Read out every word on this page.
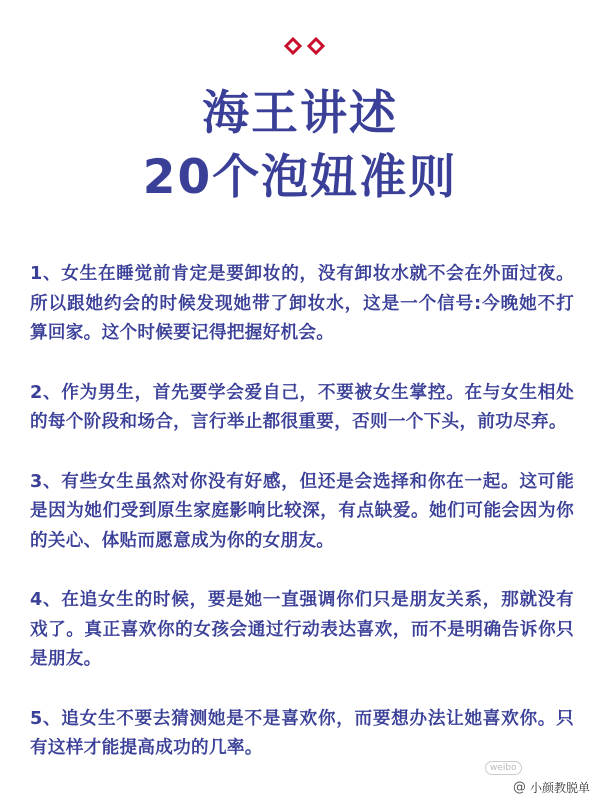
海王讲述
20个泡妞准则

1、女生在睡觉前肯定是要卸妆的，没有卸妆水就不会在外面过夜。所以跟她约会的时候发现她带了卸妆水，这是一个信号:今晚她不打算回家。这个时候要记得把握好机会。

2、作为男生，首先要学会爱自己，不要被女生掌控。在与女生相处的每个阶段和场合，言行举止都很重要，否则一个下头，前功尽弃。

3、有些女生虽然对你没有好感，但还是会选择和你在一起。这可能是因为她们受到原生家庭影响比较深，有点缺爱。她们可能会因为你的关心、体贴而愿意成为你的女朋友。

4、在追女生的时候，要是她一直强调你们只是朋友关系，那就没有戏了。真正喜欢你的女孩会通过行动表达喜欢，而不是明确告诉你只是朋友。

5、追女生不要去猜测她是不是喜欢你，而要想办法让她喜欢你。只有这样才能提高成功的几率。

weibo
@ 小颜教脱单
